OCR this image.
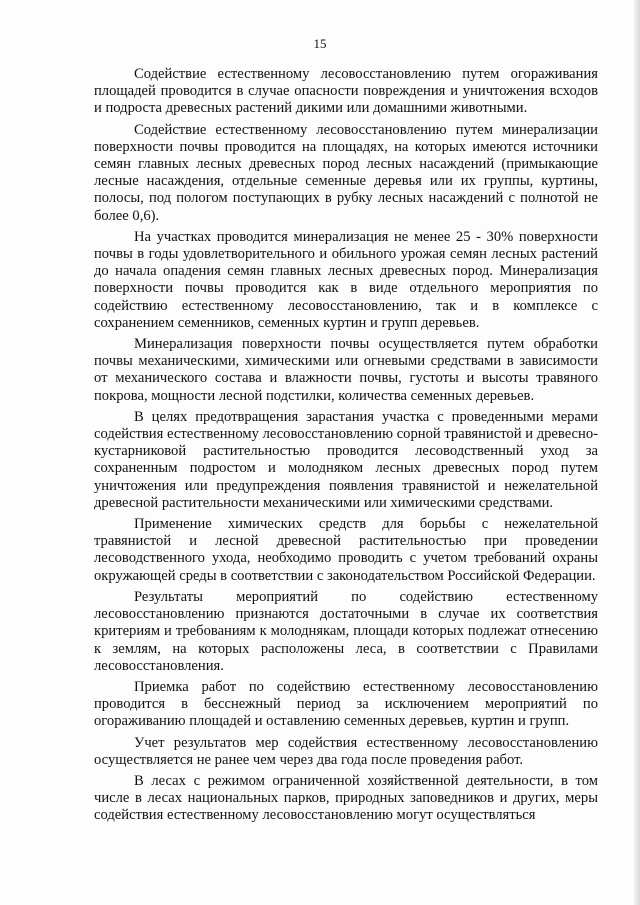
15

Содействие естественному лесовосстановлению путем огораживания площадей проводится в случае опасности повреждения и уничтожения всходов и подроста древесных растений дикими или домашними животными.

Содействие естественному лесовосстановлению путем минерализации поверхности почвы проводится на площадях, на которых имеются источники семян главных лесных древесных пород лесных насаждений (примыкающие лесные насаждения, отдельные семенные деревья или их группы, куртины, полосы, под пологом поступающих в рубку лесных насаждений с полнотой не более 0,6).

На участках проводится минерализация не менее 25 - 30% поверхности почвы в годы удовлетворительного и обильного урожая семян лесных растений до начала опадения семян главных лесных древесных пород. Минерализация поверхности почвы проводится как в виде отдельного мероприятия по содействию естественному лесовосстановлению, так и в комплексе с сохранением семенников, семенных куртин и групп деревьев.

Минерализация поверхности почвы осуществляется путем обработки почвы механическими, химическими или огневыми средствами в зависимости от механического состава и влажности почвы, густоты и высоты травяного покрова, мощности лесной подстилки, количества семенных деревьев.

В целях предотвращения зарастания участка с проведенными мерами содействия естественному лесовосстановлению сорной травянистой и древесно-кустарниковой растительностью проводится лесоводственный уход за сохраненным подростом и молодняком лесных древесных пород путем уничтожения или предупреждения появления травянистой и нежелательной древесной растительности механическими или химическими средствами.

Применение химических средств для борьбы с нежелательной травянистой и лесной древесной растительностью при проведении лесоводственного ухода, необходимо проводить с учетом требований охраны окружающей среды в соответствии с законодательством Российской Федерации.

Результаты мероприятий по содействию естественному лесовосстановлению признаются достаточными в случае их соответствия критериям и требованиям к молоднякам, площади которых подлежат отнесению к землям, на которых расположены леса, в соответствии с Правилами лесовосстановления.

Приемка работ по содействию естественному лесовосстановлению проводится в бесснежный период за исключением мероприятий по огораживанию площадей и оставлению семенных деревьев, куртин и групп.

Учет результатов мер содействия естественному лесовосстановлению осуществляется не ранее чем через два года после проведения работ.

В лесах с режимом ограниченной хозяйственной деятельности, в том числе в лесах национальных парков, природных заповедников и других, меры содействия естественному лесовосстановлению могут осуществляться
